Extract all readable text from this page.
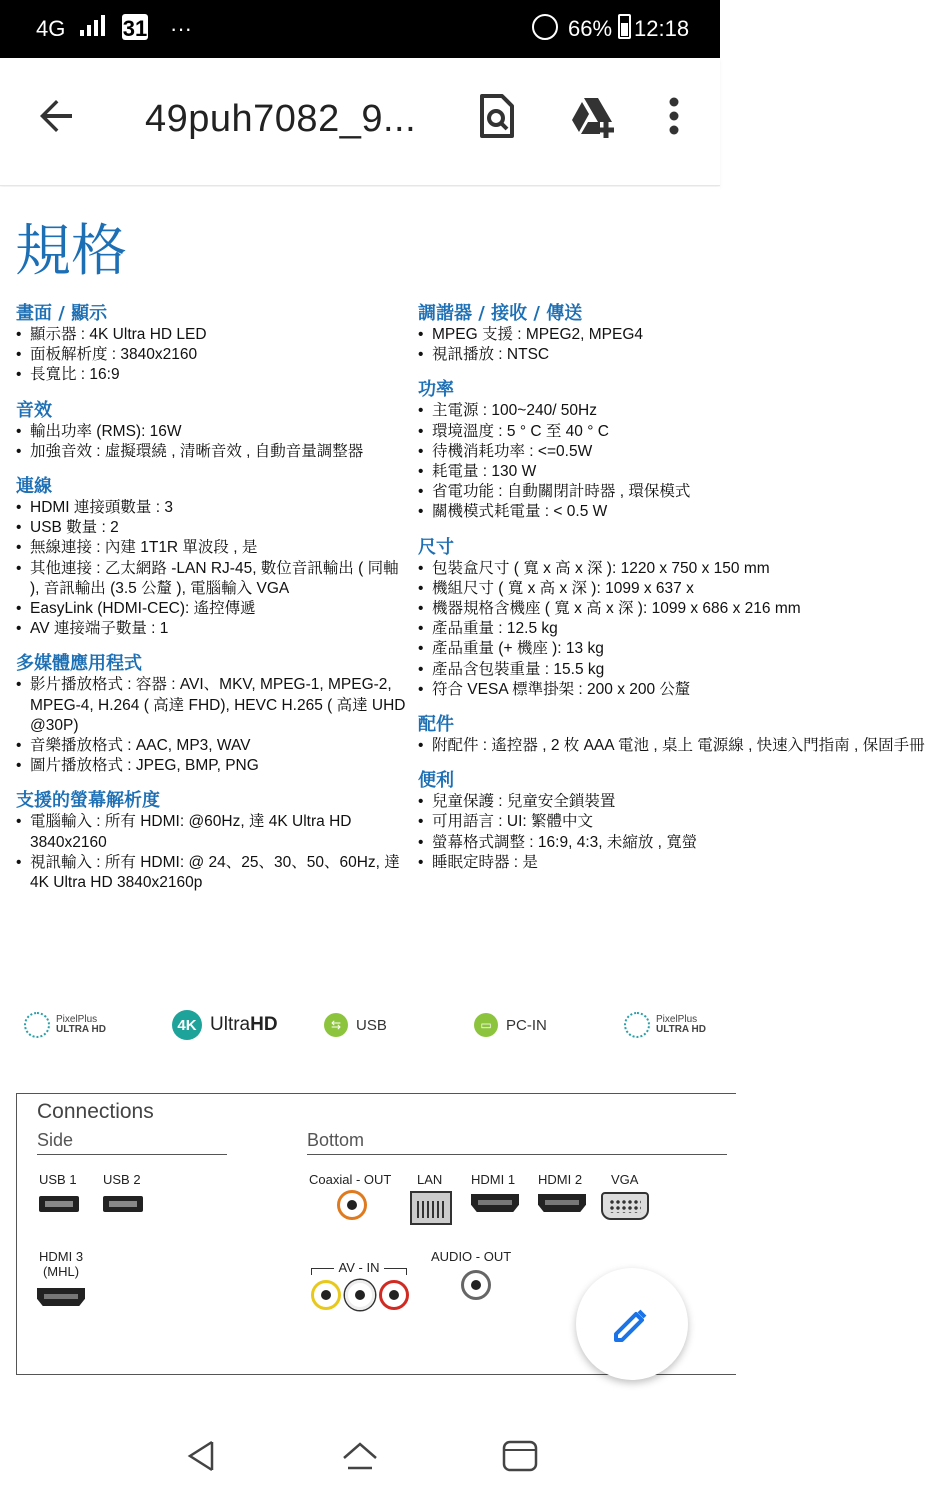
4G	31 ···	66% 12:18
49puh7082_9...
規格
畫面 / 顯示
• 顯示器 : 4K Ultra HD LED
• 面板解析度 : 3840x2160
• 長寬比 : 16:9
音效
• 輸出功率 (RMS): 16W
• 加強音效 : 虛擬環繞 , 清晰音效 , 自動音量調整器
連線
• HDMI 連接頭數量 : 3
• USB 數量 : 2
• 無線連接 : 內建 1T1R 單波段 , 是
• 其他連接 : 乙太網路 -LAN RJ-45, 數位音訊輸出 ( 同軸 ), 音訊輸出 (3.5 公釐 ), 電腦輸入 VGA
• EasyLink (HDMI-CEC): 遙控傳遞
• AV 連接端子數量 : 1
多媒體應用程式
• 影片播放格式 : 容器 : AVI、MKV, MPEG-1, MPEG-2, MPEG-4, H.264 ( 高達 FHD), HEVC H.265 ( 高達 UHD @30P)
• 音樂播放格式 : AAC, MP3, WAV
• 圖片播放格式 : JPEG, BMP, PNG
支援的螢幕解析度
• 電腦輸入 : 所有 HDMI: @60Hz, 達 4K Ultra HD 3840x2160
• 視訊輸入 : 所有 HDMI: @ 24、25、30、50、60Hz, 達 4K Ultra HD 3840x2160p
調諧器 / 接收 / 傳送
• MPEG 支援 : MPEG2, MPEG4
• 視訊播放 : NTSC
功率
• 主電源 : 100~240/ 50Hz
• 環境溫度 : 5 ° C 至 40 ° C
• 待機消耗功率 : <=0.5W
• 耗電量 : 130 W
• 省電功能 : 自動關閉計時器 , 環保模式
• 關機模式耗電量 : < 0.5 W
尺寸
• 包裝盒尺寸 ( 寬 x 高 x 深 ): 1220 x 750 x 150 mm
• 機組尺寸 ( 寬 x 高 x 深 ): 1099 x 637 x
• 機器規格含機座 ( 寬 x 高 x 深 ): 1099 x 686 x 216 mm
• 產品重量 : 12.5 kg
• 產品重量 (+ 機座 ): 13 kg
• 產品含包裝重量 : 15.5 kg
• 符合 VESA 標準掛架 : 200 x 200 公釐
配件
• 附配件 : 遙控器 , 2 枚 AAA 電池 , 桌上 電源線 , 快速入門指南 , 保固手冊
便利
• 兒童保護 : 兒童安全鎖裝置
• 可用語言 : UI: 繁體中文
• 螢幕格式調整 : 16:9, 4:3, 未縮放 , 寬螢
• 睡眠定時器 : 是
PixelPlus
ULTRA HD	4K UltraHD	⇆ USB	▭ PC-IN	PixelPlus
ULTRA HD
Connections
Side	Bottom
USB 1 USB 2
HDMI 3
(MHL)
Coaxial - OUT LAN HDMI 1 HDMI 2 VGA
AV - IN
AUDIO - OUT
